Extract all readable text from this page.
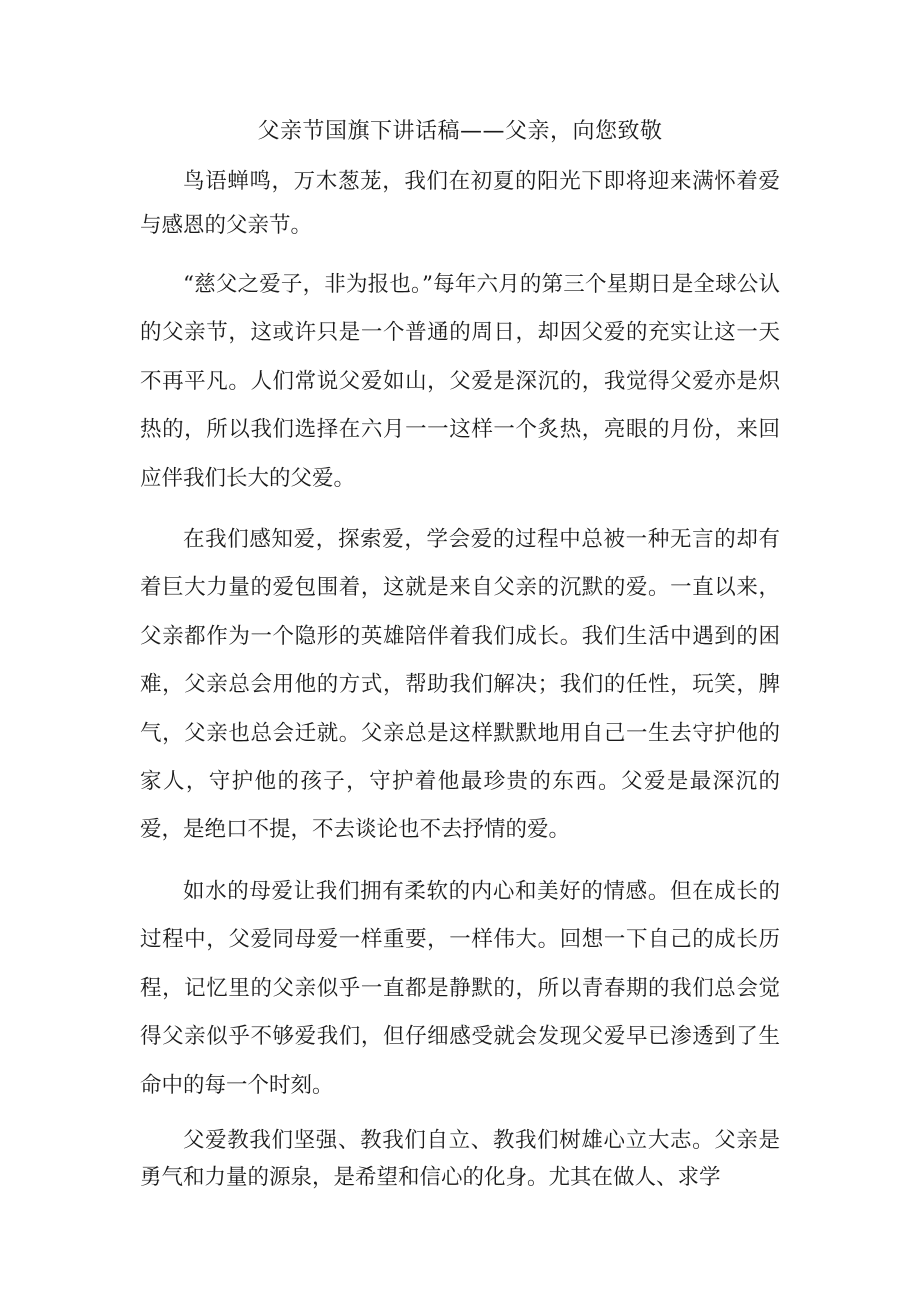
父亲节国旗下讲话稿——父亲，向您致敬

鸟语蝉鸣，万木葱茏，我们在初夏的阳光下即将迎来满怀着爱与感恩的父亲节。

“慈父之爱子，非为报也。”每年六月的第三个星期日是全球公认的父亲节，这或许只是一个普通的周日，却因父爱的充实让这一天不再平凡。人们常说父爱如山，父爱是深沉的，我觉得父爱亦是炽热的，所以我们选择在六月一一这样一个炙热，亮眼的月份，来回应伴我们长大的父爱。

在我们感知爱，探索爱，学会爱的过程中总被一种无言的却有着巨大力量的爱包围着，这就是来自父亲的沉默的爱。一直以来，父亲都作为一个隐形的英雄陪伴着我们成长。我们生活中遇到的困难，父亲总会用他的方式，帮助我们解决；我们的任性，玩笑，脾气，父亲也总会迁就。父亲总是这样默默地用自己一生去守护他的家人，守护他的孩子，守护着他最珍贵的东西。父爱是最深沉的爱，是绝口不提，不去谈论也不去抒情的爱。

如水的母爱让我们拥有柔软的内心和美好的情感。但在成长的过程中，父爱同母爱一样重要，一样伟大。回想一下自己的成长历程，记忆里的父亲似乎一直都是静默的，所以青春期的我们总会觉得父亲似乎不够爱我们，但仔细感受就会发现父爱早已渗透到了生命中的每一个时刻。

父爱教我们坚强、教我们自立、教我们树雄心立大志。父亲是勇气和力量的源泉，是希望和信心的化身。尤其在做人、求学
